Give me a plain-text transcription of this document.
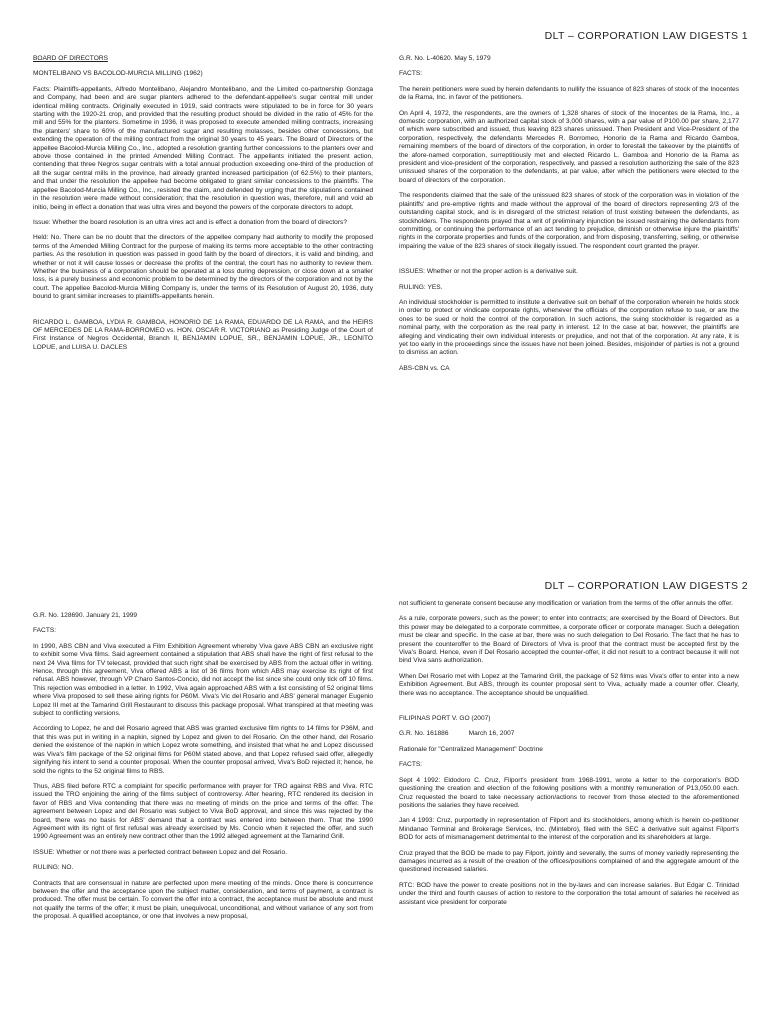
DLT – CORPORATION LAW DIGESTS 1

BOARD OF DIRECTORS

MONTELIBANO VS BACOLOD-MURCIA MILLING (1962)

Facts: Plaintiffs-appellants, Alfredo Montelibano, Alejandro Montelibano, and the Limited co-partnership Gonzaga and Company, had been and are sugar planters adhered to the defendant-appellee's sugar central mill under identical milling contracts. Originally executed in 1919, said contracts were stipulated to be in force for 30 years starting with the 1920-21 crop, and provided that the resulting product should be divided in the ratio of 45% for the mill and 55% for the planters. Sometime in 1936, it was proposed to execute amended milling contracts, increasing the planters' share to 60% of the manufactured sugar and resulting molasses, besides other concessions, but extending the operation of the milling contract from the original 30 years to 45 years. The Board of Directors of the appellee Bacolod-Murcia Milling Co., Inc., adopted a resolution granting further concessions to the planters over and above those contained in the printed Amended Milling Contract. The appellants initiated the present action, contending that three Negros sugar centrals with a total annual production exceeding one-third of the production of all the sugar central mills in the province, had already granted increased participation (of 62.5%) to their planters, and that under the resolution the appellee had become obligated to grant similar concessions to the plaintiffs. The appellee Bacolod-Murcia Milling Co., Inc., resisted the claim, and defended by urging that the stipulations contained in the resolution were made without consideration; that the resolution in question was, therefore, null and void ab initio, being in effect a donation that was ultra vires and beyond the powers of the corporate directors to adopt.

Issue: Whether the board resolution is an ultra vires act and is effect a donation from the board of directors?

Held: No. There can be no doubt that the directors of the appellee company had authority to modify the proposed terms of the Amended Milling Contract for the purpose of making its terms more acceptable to the other contracting parties. As the resolution in question was passed in good faith by the board of directors, it is valid and binding, and whether or not it will cause losses or decrease the profits of the central, the court has no authority to review them. Whether the business of a corporation should be operated at a loss during depression, or close down at a smaller loss, is a purely business and economic problem to be determined by the directors of the corporation and not by the court. The appellee Bacolod-Murcia Milling Company is, under the terms of its Resolution of August 20, 1936, duty bound to grant similar increases to plaintiffs-appellants herein.

RICARDO L. GAMBOA, LYDIA R. GAMBOA, HONORIO DE 1A RAMA, EDUARDO DE LA RAMA, and the HEIRS OF MERCEDES DE LA RAMA-BORROMEO vs. HON. OSCAR R. VICTORIANO as Presiding Judge of the Court of First Instance of Negros Occidental, Branch II, BENJAMIN LOPUE, SR., BENJAMIN LOPUE, JR., LEONITO LOPUE, and LUISA U. DACLES

G.R. No. L-40620. May 5, 1979

FACTS:

The herein petitioners were sued by herein defendants to nullify the issuance of 823 shares of stock of the Inocentes de la Rama, Inc. in favor of the petitioners.

On April 4, 1972, the respondents, are the owners of 1,328 shares of stock of the Inocentes de la Rama, Inc., a domestic corporation, with an authorized capital stock of 3,000 shares, with a par value of P100.00 per share, 2,177 of which were subscribed and issued, thus leaving 823 shares unissued. Then President and Vice-President of the corporation, respectively, the defendants Mercedes R. Borromeo, Honorio de la Rama and Ricardo Gamboa, remaining members of the board of directors of the corporation, in order to forestall the takeover by the plaintiffs of the afore-named corporation, surreptitiously met and elected Ricardo L. Gamboa and Honorio de la Rama as president and vice-president of the corporation, respectively, and passed a resolution authorizing the sale of the 823 unissued shares of the corporation to the defendants, at par value, after which the petitioners were elected to the board of directors of the corporation.

The respondents claimed that the sale of the unissued 823 shares of stock of the corporation was in violation of the plaintiffs' and pre-emptive rights and made without the approval of the board of directors representing 2/3 of the outstanding capital stock, and is in disregard of the strictest relation of trust existing between the defendants, as stockholders. The respondents prayed that a writ of preliminary injunction be issued restraining the defendants from committing, or continuing the performance of an act tending to prejudice, diminish or otherwise injure the plaintiffs' rights in the corporate properties and funds of the corporation, and from disposing, transferring, selling, or otherwise impairing the value of the 823 shares of stock illegally issued. The respondent court granted the prayer.

ISSUES: Whether or not the proper action is a derivative suit.

RULING: YES.

An individual stockholder is permitted to institute a derivative suit on behalf of the corporation wherein he holds stock in order to protect or vindicate corporate rights, whenever the officials of the corporation refuse to sue, or are the ones to be sued or hold the control of the corporation. In such actions, the suing stockholder is regarded as a nominal party, with the corporation as the real party in interest. 12 In the case at bar, however, the plaintiffs are alleging and vindicating their own individual interests or prejudice, and not that of the corporation. At any rate, it is yet too early in the proceedings since the issues have not been joined. Besides, misjoinder of parties is not a ground to dismiss an action.

ABS-CBN vs. CA

DLT – CORPORATION LAW DIGESTS 2

G.R. No. 128690. January 21, 1999

FACTS:

In 1990, ABS CBN and Viva executed a Film Exhibition Agreement whereby Viva gave ABS CBN an exclusive right to exhibit some Viva films. Said agreement contained a stipulation that ABS shall have the right of first refusal to the next 24 Viva films for TV telecast, provided that such right shall be exercised by ABS from the actual offer in writing. Hence, through this agreement, Viva offered ABS a list of 36 films from which ABS may exercise its right of first refusal. ABS however, through VP Charo Santos-Concio, did not accept the list since she could only tick off 10 films. This rejection was embodied in a letter. In 1992, Viva again approached ABS with a list consisting of 52 original films where Viva proposed to sell these airing rights for P60M. Viva's Vic del Rosario and ABS' general manager Eugenio Lopez III met at the Tamarind Grill Restaurant to discuss this package proposal. What transpired at that meeting was subject to conflicting versions.

According to Lopez, he and del Rosario agreed that ABS was granted exclusive film rights to 14 films for P36M, and that this was put in writing in a napkin, signed by Lopez and given to del Rosario. On the other hand, del Rosario denied the existence of the napkin in which Lopez wrote something, and insisted that what he and Lopez discussed was Viva's film package of the 52 original films for P60M stated above, and that Lopez refused said offer, allegedly signifying his intent to send a counter proposal. When the counter proposal arrived, Viva's BoD rejected it; hence, he sold the rights to the 52 original films to RBS.

Thus, ABS filed before RTC a complaint for specific performance with prayer for TRO against RBS and Viva. RTC issued the TRO enjoining the airing of the films subject of controversy. After hearing, RTC rendered its decision in favor of RBS and Viva contending that there was no meeting of minds on the price and terms of the offer. The agreement between Lopez and del Rosario was subject to Viva BoD approval, and since this was rejected by the board, there was no basis for ABS' demand that a contract was entered into between them. That the 1990 Agreement with its right of first refusal was already exercised by Ms. Concio when it rejected the offer, and such 1990 Agreement was an entirely new contract other than the 1992 alleged agreement at the Tamarind Grill.

ISSUE: Whether or not there was a perfected contract between Lopez and del Rosario.

RULING: NO.

Contracts that are consensual in nature are perfected upon mere meeting of the minds. Once there is concurrence between the offer and the acceptance upon the subject matter, consideration, and terms of payment, a contract is produced. The offer must be certain. To convert the offer into a contract, the acceptance must be absolute and must not qualify the terms of the offer; it must be plain, unequivocal, unconditional, and without variance of any sort from the proposal. A qualified acceptance, or one that involves a new proposal,

not sufficient to generate consent because any modification or variation from the terms of the offer annuls the offer.

As a rule, corporate powers, such as the power; to enter into contracts; are exercised by the Board of Directors. But this power may be delegated to a corporate committee, a corporate officer or corporate manager. Such a delegation must be clear and specific. In the case at bar, there was no such delegation to Del Rosario. The fact that he has to present the counteroffer to the Board of Directors of Viva is proof that the contract must be accepted first by the Viva's Board. Hence, even if Del Rosario accepted the counter-offer, it did not result to a contract because it will not bind Viva sans authorization.

When Del Rosario met with Lopez at the Tamarind Grill, the package of 52 films was Viva's offer to enter into a new Exhibition Agreement. But ABS, through its counter proposal sent to Viva, actually made a counter offer. Clearly, there was no acceptance. The acceptance should be unqualified.

FILIPINAS PORT V. GO (2007)

G.R. No. 161886           March 16, 2007

Rationale for "Centralized Management" Doctrine

FACTS:

Sept 4 1992: Eldodoro C. Cruz, Filport's president from 1968-1991, wrote a letter to the corporation's BOD questioning the creation and election of the following positions with a monthly remuneration of P13,050.00 each. Cruz requested the board to take necessary action/actions to recover from those elected to the aforementioned positions the salaries they have received.

Jan 4 1993: Cruz, purportedly in representation of Filport and its stockholders, among which is herein co-petitioner Mindanao Terminal and Brokerage Services, Inc. (Mintebro), filed with the SEC a derivative suit against Filport's BOD for acts of mismanagement detrimental to the interest of the corporation and its shareholders at large.

Cruz prayed that the BOD be made to pay Filport, jointly and severally, the sums of money variedly representing the damages incurred as a result of the creation of the offices/positions complained of and the aggregate amount of the questioned increased salaries.

RTC: BOD have the power to create positions not in the by-laws and can increase salaries. But Edgar C. Trinidad under the third and fourth causes of action to restore to the corporation the total amount of salaries he received as assistant vice president for corporate
